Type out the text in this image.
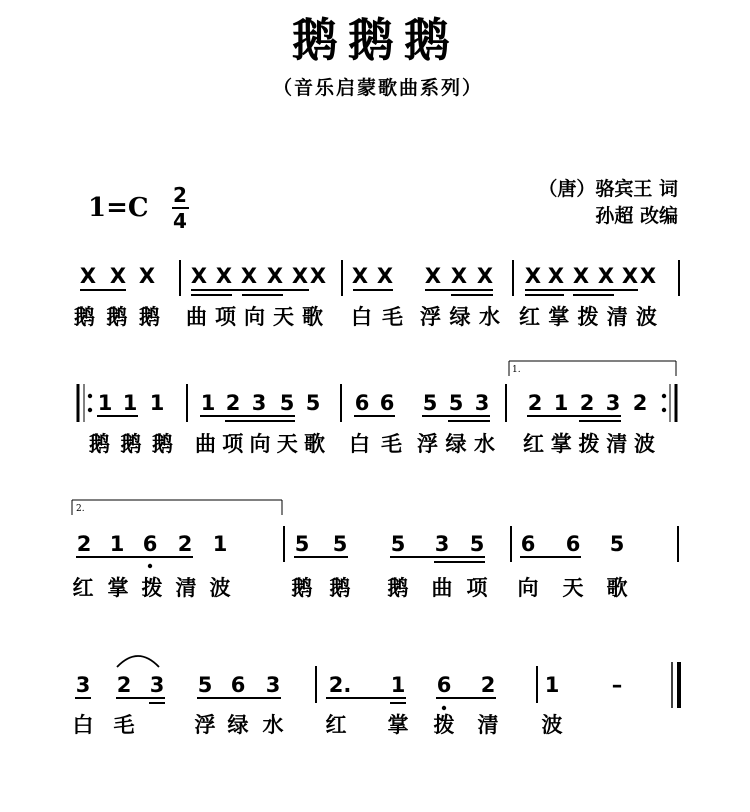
鹅鹅鹅
（音乐启蒙歌曲系列）
（唐）骆宾王 词
孙超 改编
1=C 2
4
X X X X X X X X X X X X X X X X X X X X
鹅鹅鹅 曲项向天歌 白毛 浮绿水 红掌拨清波
1.
1 1 1 1 2 3 5 5 6 6 5 5 3 2 1 2 3 2
鹅鹅鹅 曲项向天歌 白毛 浮绿水 红掌拨清波
2.
2 1 6 2 1	5 5 5 3 5 6 6 5
红 掌 拨 清 波	鹅 鹅 鹅 曲 项 向 天 歌
3 2 3 5 6 3 2. 1 6 2 1 –
白 毛	浮 绿 水 红 掌 拨 清 波
